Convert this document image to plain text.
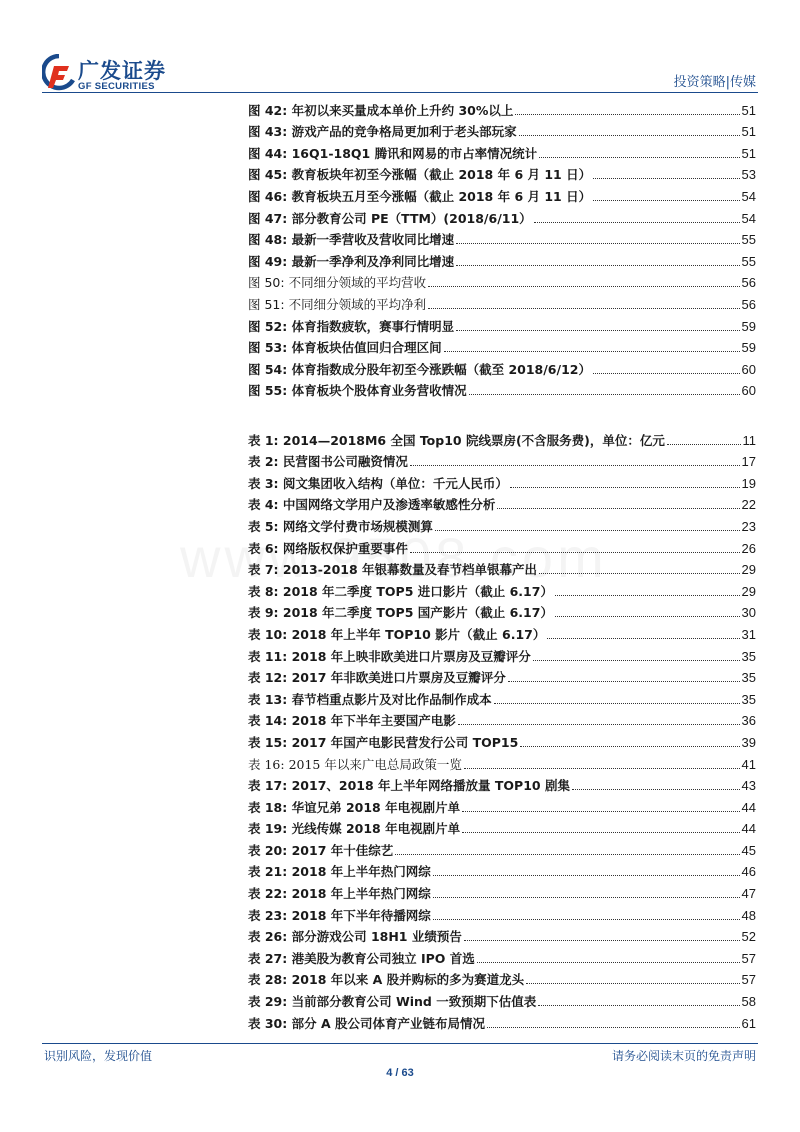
广发证券
GF SECURITIES	投资策略|传媒
图 42: 年初以来买量成本单价上升约 30%以上	51
图 43: 游戏产品的竞争格局更加利于老头部玩家	51
图 44: 16Q1-18Q1 腾讯和网易的市占率情况统计	51
图 45: 教育板块年初至今涨幅（截止 2018 年 6 月 11 日）	53
图 46: 教育板块五月至今涨幅（截止 2018 年 6 月 11 日）	54
图 47: 部分教育公司 PE（TTM）(2018/6/11）	54
图 48: 最新一季营收及营收同比增速	55
图 49: 最新一季净利及净利同比增速	55
图 50: 不同细分领域的平均营收	56
图 51: 不同细分领域的平均净利	56
图 52: 体育指数疲软，赛事行情明显	59
图 53: 体育板块估值回归合理区间	59
图 54: 体育指数成分股年初至今涨跌幅（截至 2018/6/12）	60
图 55: 体育板块个股体育业务营收情况	60
表 1: 2014—2018M6 全国 Top10 院线票房(不含服务费)，单位：亿元	11
表 2: 民营图书公司融资情况	17
表 3: 阅文集团收入结构（单位：千元人民币）	19
表 4: 中国网络文学用户及渗透率敏感性分析	22
表 5: 网络文学付费市场规模测算	23
表 6: 网络版权保护重要事件	26
表 7: 2013-2018 年银幕数量及春节档单银幕产出	29
表 8: 2018 年二季度 TOP5 进口影片（截止 6.17）	29
表 9: 2018 年二季度 TOP5 国产影片（截止 6.17）	30
表 10: 2018 年上半年 TOP10 影片（截止 6.17）	31
表 11: 2018 年上映非欧美进口片票房及豆瓣评分	35
表 12: 2017 年非欧美进口片票房及豆瓣评分	35
表 13: 春节档重点影片及对比作品制作成本	35
表 14: 2018 年下半年主要国产电影	36
表 15: 2017 年国产电影民营发行公司 TOP15	39
表 16: 2015 年以来广电总局政策一览	41
表 17: 2017、2018 年上半年网络播放量 TOP10 剧集	43
表 18: 华谊兄弟 2018 年电视剧片单	44
表 19: 光线传媒 2018 年电视剧片单	44
表 20: 2017 年十佳综艺	45
表 21: 2018 年上半年热门网综	46
表 22: 2018 年上半年热门网综	47
表 23: 2018 年下半年待播网综	48
表 26: 部分游戏公司 18H1 业绩预告	52
表 27: 港美股为教育公司独立 IPO 首选	57
表 28: 2018 年以来 A 股并购标的多为赛道龙头	57
表 29: 当前部分教育公司 Wind 一致预期下估值表	58
表 30: 部分 A 股公司体育产业链布局情况	61
识别风险，发现价值	请务必阅读末页的免责声明
4 / 63
